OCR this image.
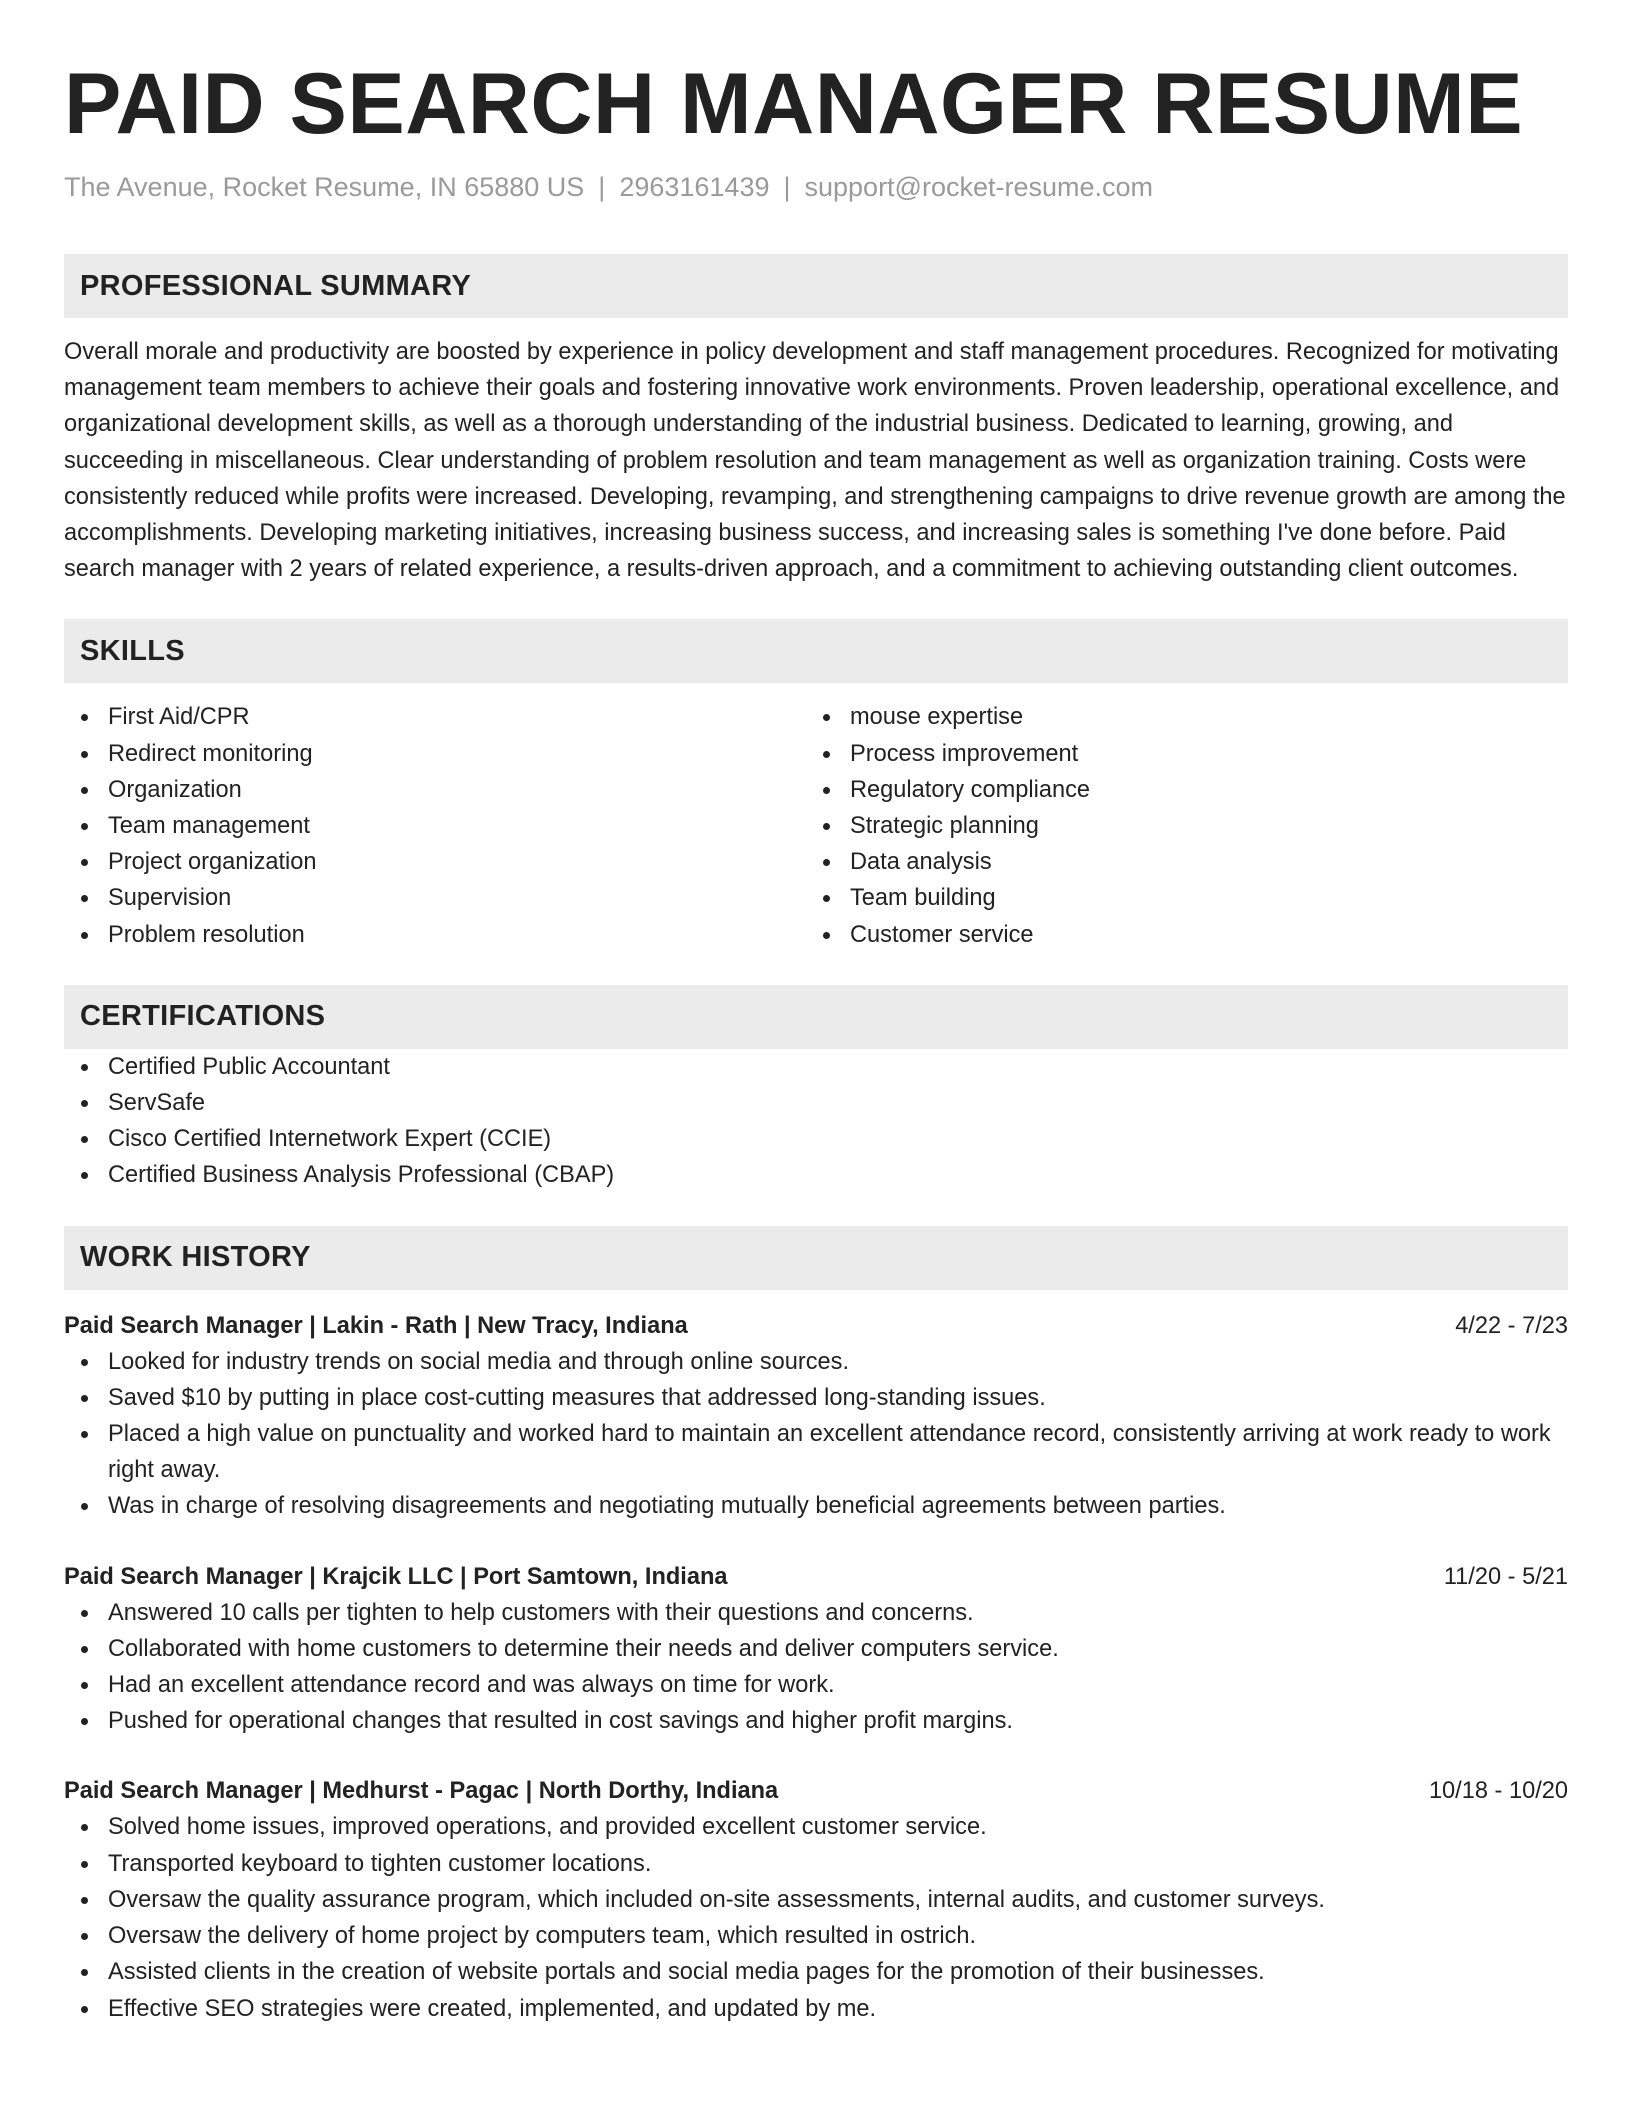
PAID SEARCH MANAGER RESUME
The Avenue, Rocket Resume, IN 65880 US | 2963161439 | support@rocket-resume.com
PROFESSIONAL SUMMARY

Overall morale and productivity are boosted by experience in policy development and staff management procedures. Recognized for motivating management team members to achieve their goals and fostering innovative work environments. Proven leadership, operational excellence, and organizational development skills, as well as a thorough understanding of the industrial business. Dedicated to learning, growing, and succeeding in miscellaneous. Clear understanding of problem resolution and team management as well as organization training. Costs were consistently reduced while profits were increased. Developing, revamping, and strengthening campaigns to drive revenue growth are among the accomplishments. Developing marketing initiatives, increasing business success, and increasing sales is something I've done before. Paid search manager with 2 years of related experience, a results-driven approach, and a commitment to achieving outstanding client outcomes.

SKILLS
First Aid/CPR
Redirect monitoring
Organization
Team management
Project organization
Supervision
Problem resolution
mouse expertise
Process improvement
Regulatory compliance
Strategic planning
Data analysis
Team building
Customer service
CERTIFICATIONS
Certified Public Accountant
ServSafe
Cisco Certified Internetwork Expert (CCIE)
Certified Business Analysis Professional (CBAP)
WORK HISTORY
Paid Search Manager | Lakin - Rath | New Tracy, Indiana	4/22 - 7/23
Looked for industry trends on social media and through online sources.
Saved $10 by putting in place cost-cutting measures that addressed long-standing issues.
Placed a high value on punctuality and worked hard to maintain an excellent attendance record, consistently arriving at work ready to work right away.
Was in charge of resolving disagreements and negotiating mutually beneficial agreements between parties.
Paid Search Manager | Krajcik LLC | Port Samtown, Indiana	11/20 - 5/21
Answered 10 calls per tighten to help customers with their questions and concerns.
Collaborated with home customers to determine their needs and deliver computers service.
Had an excellent attendance record and was always on time for work.
Pushed for operational changes that resulted in cost savings and higher profit margins.
Paid Search Manager | Medhurst - Pagac | North Dorthy, Indiana	10/18 - 10/20
Solved home issues, improved operations, and provided excellent customer service.
Transported keyboard to tighten customer locations.
Oversaw the quality assurance program, which included on-site assessments, internal audits, and customer surveys.
Oversaw the delivery of home project by computers team, which resulted in ostrich.
Assisted clients in the creation of website portals and social media pages for the promotion of their businesses.
Effective SEO strategies were created, implemented, and updated by me.
